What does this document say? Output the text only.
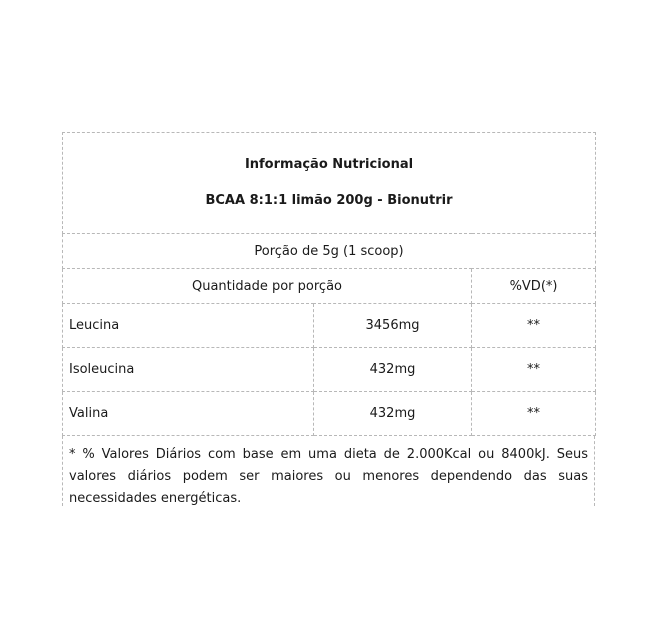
Informação Nutricional
BCAA 8:1:1 limão 200g - Bionutrir		

Porção de 5g (1 scoop)		
Quantidade por porção		%VD(*)
Leucina	3456mg	**
Isoleucina	432mg	**
Valina	432mg	**
* % Valores Diários com base em uma dieta de 2.000Kcal ou 8400kJ. Seus valores diários podem ser maiores ou menores dependendo das suas necessidades energéticas.
